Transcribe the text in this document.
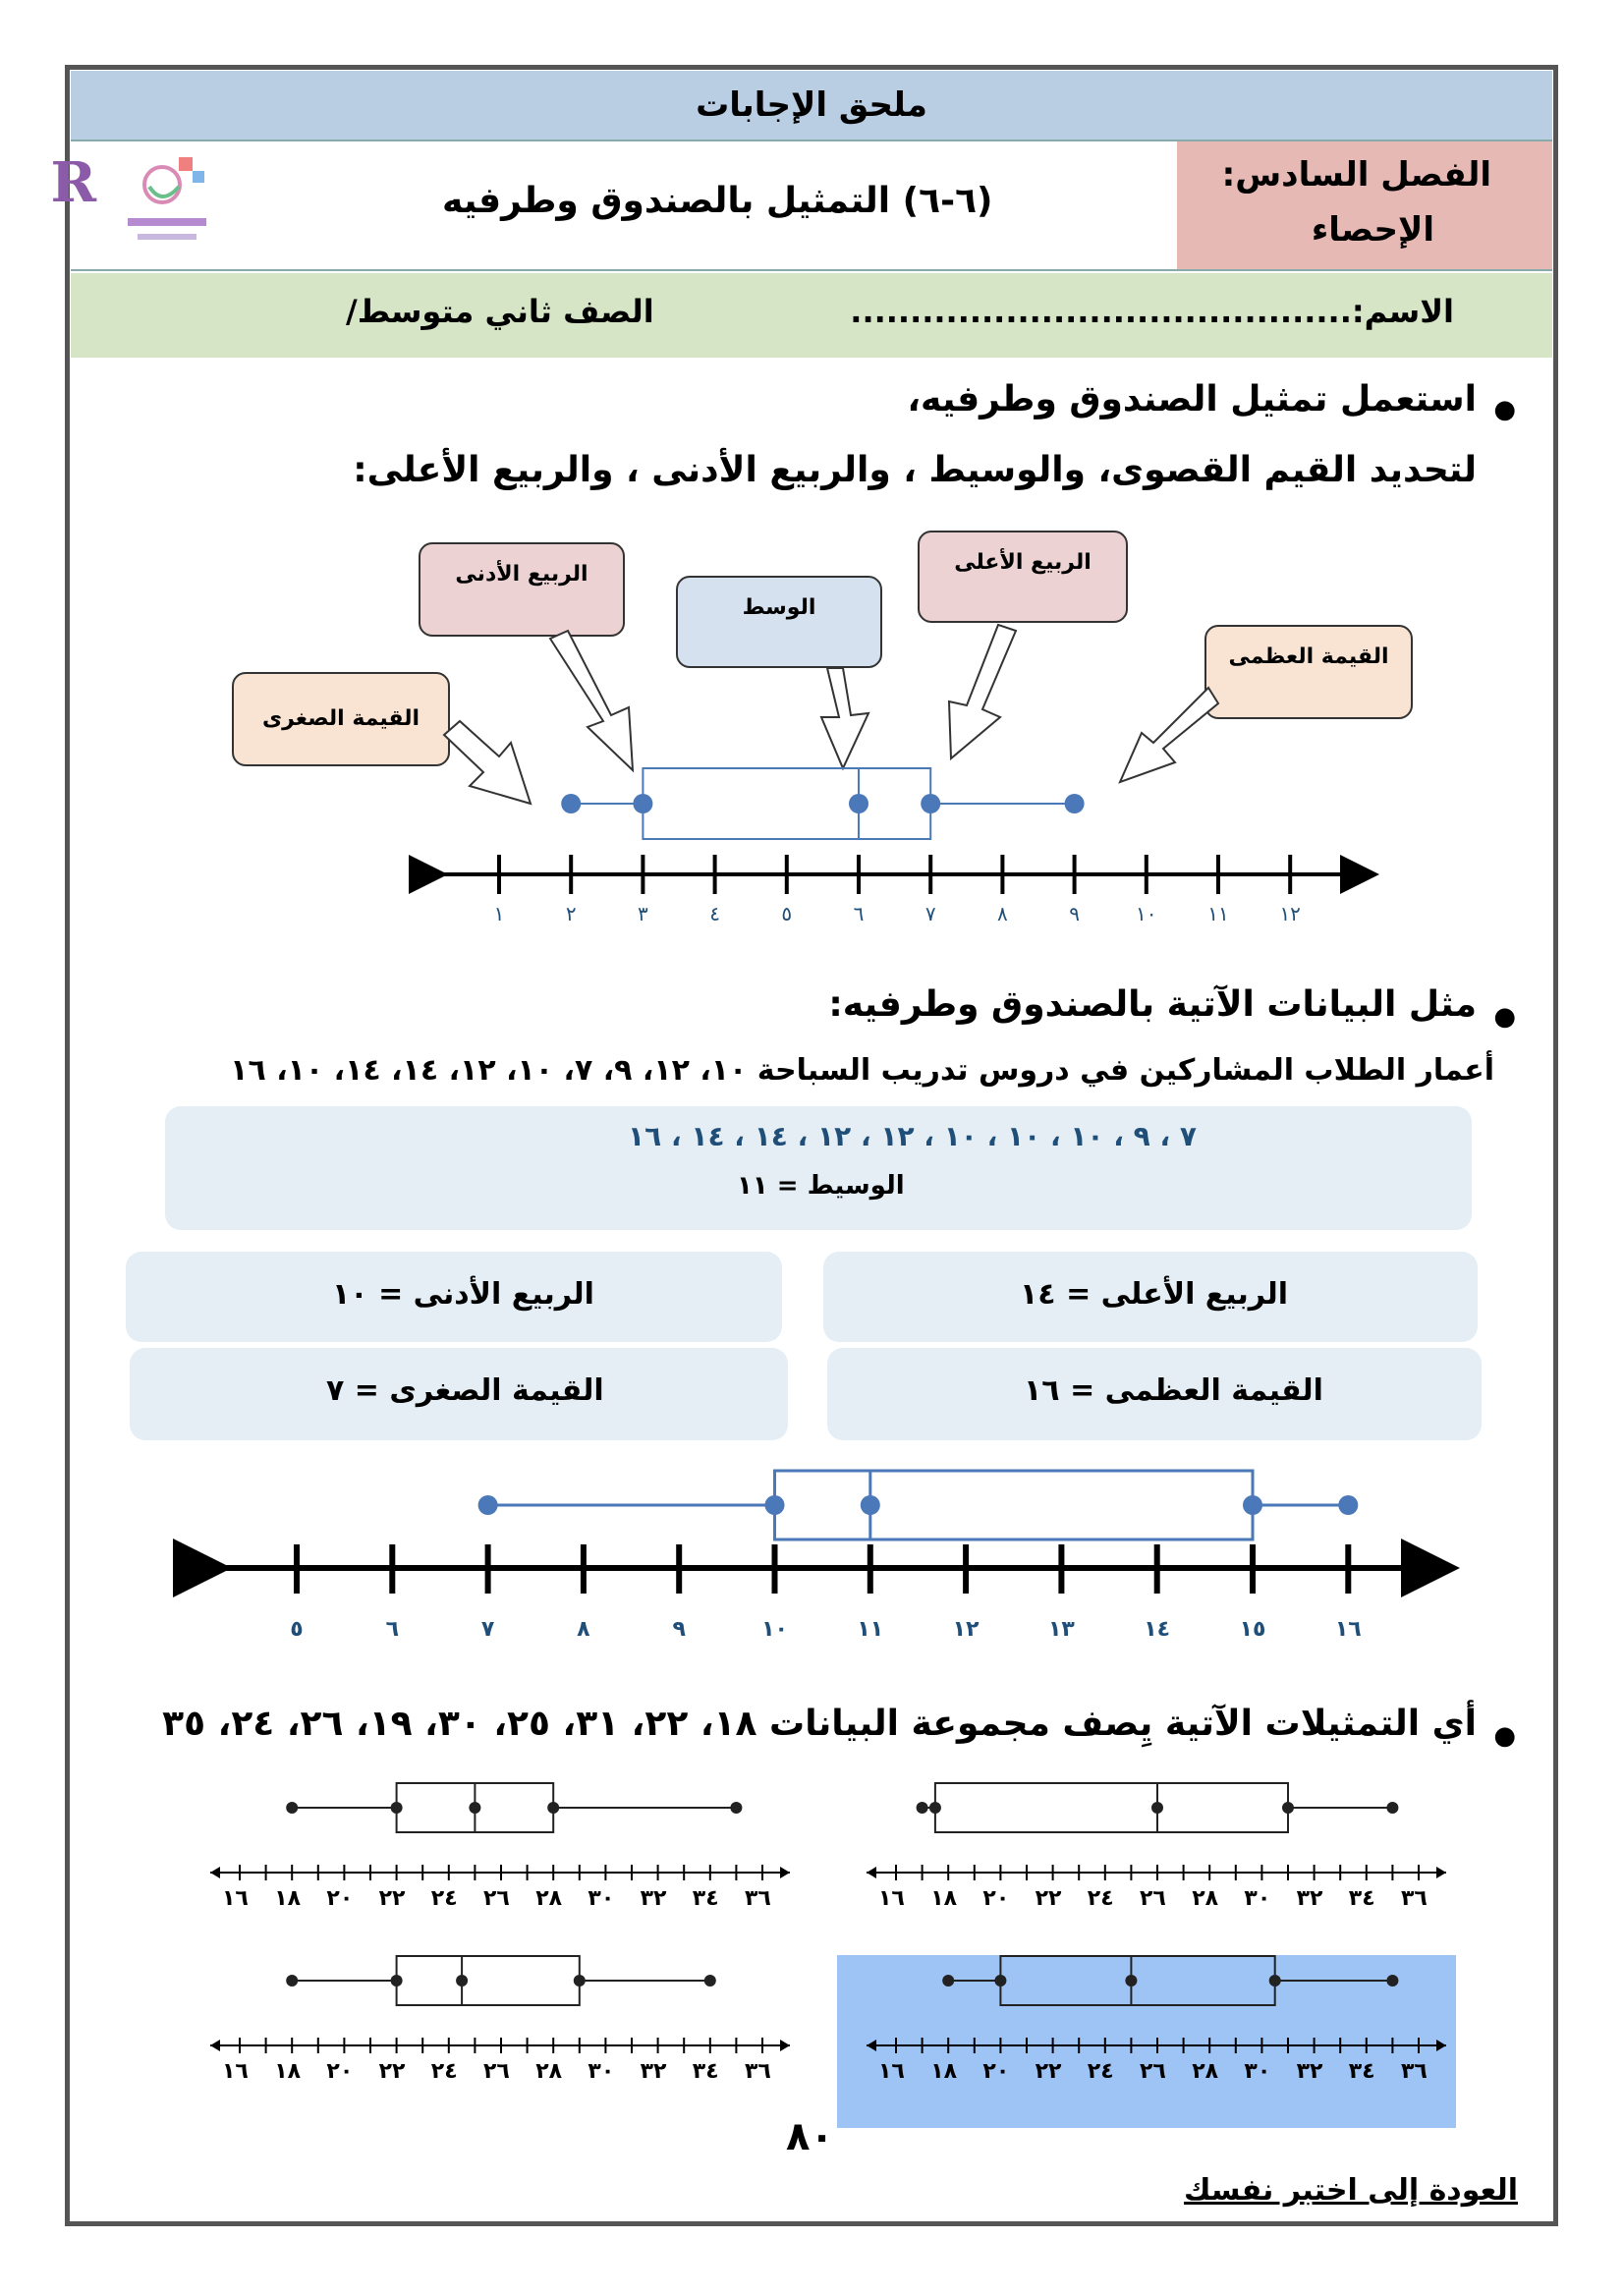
ملحق الإجابات
الفصل السادس:
الإحصاء
(٦-٦) التمثيل بالصندوق وطرفيه
R
الاسم:..........................................
الصف ثاني متوسط/
●
استعمل تمثيل الصندوق وطرفيه،
لتحديد القيم القصوى، والوسيط ، والربيع الأدنى ، والربيع الأعلى:
القيمة الصغرى
الربيع الأدنى
الوسط
الربيع الأعلى
القيمة العظمى
١	٢	٣	٤	٥	٦	٧	٨	٩	١٠	١١	١٢
●
مثل البيانات الآتية بالصندوق وطرفيه:
أعمار الطلاب المشاركين في دروس تدريب السباحة ١٠، ١٢، ٩، ٧، ١٠، ١٢، ١٤، ١٤، ١٠، ١٦
٧ ، ٩ ، ١٠ ، ١٠ ، ١٠ ، ١٢ ، ١٢ ، ١٤ ، ١٤ ، ١٦
الوسيط = ١١
الربيع الأعلى = ١٤
الربيع الأدنى = ١٠
القيمة العظمى = ١٦
القيمة الصغرى = ٧
٥	٦	٧	٨	٩	١٠	١١	١٢	١٣	١٤	١٥	١٦
●
أي التمثيلات الآتية يِصف مجموعة البيانات ١٨، ٢٢، ٣١، ٢٥، ٣٠، ١٩، ٢٦، ٢٤، ٣٥
١٦ ١٨ ٢٠ ٢٢ ٢٤ ٢٦ ٢٨ ٣٠ ٣٢ ٣٤ ٣٦
١٦ ١٨ ٢٠ ٢٢ ٢٤ ٢٦ ٢٨ ٣٠ ٣٢ ٣٤ ٣٦
١٦ ١٨ ٢٠ ٢٢ ٢٤ ٢٦ ٢٨ ٣٠ ٣٢ ٣٤ ٣٦
١٦ ١٨ ٢٠ ٢٢ ٢٤ ٢٦ ٢٨ ٣٠ ٣٢ ٣٤ ٣٦
٨٠
العودة إلى اختبر نفسك
